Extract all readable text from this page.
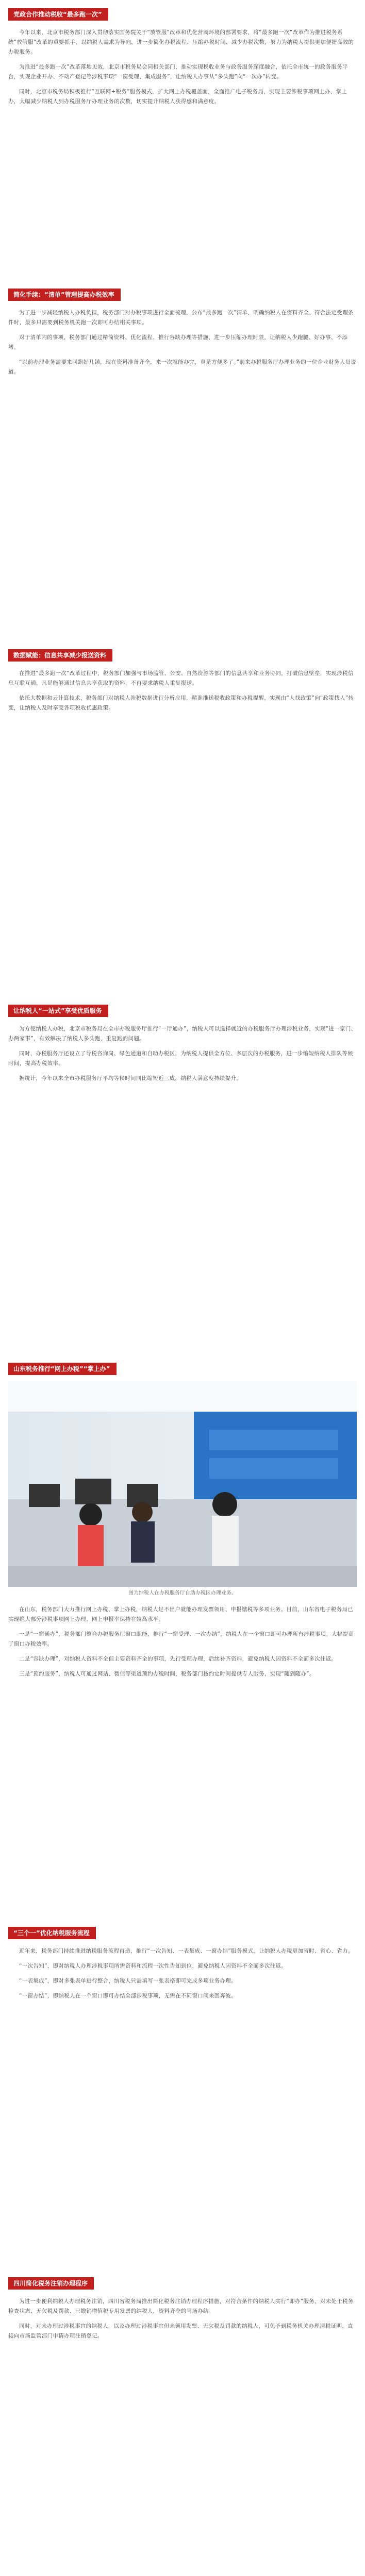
党政合作推动税收“最多跑一次”

今年以来，北京市税务部门深入贯彻落实国务院关于“放管服”改革和优化营商环境的部署要求，将“最多跑一次”改革作为推进税务系统“放管服”改革的重要抓手，以纳税人需求为导向，进一步简化办税流程、压缩办税时间、减少办税次数，努力为纳税人提供更加便捷高效的办税服务。

为推进“最多跑一次”改革落地见效，北京市税务局会同相关部门，推动实现税收业务与政务服务深度融合，依托全市统一的政务服务平台，实现企业开办、不动产登记等涉税事项“一窗受理、集成服务”，让纳税人办事从“多头跑”向“一次办”转变。

同时，北京市税务局积极推行“互联网+税务”服务模式，扩大网上办税覆盖面，全面推广电子税务局，实现主要涉税事项网上办、掌上办，大幅减少纳税人到办税服务厅办理业务的次数，切实提升纳税人获得感和满意度。

简化手续：“清单”管理提高办税效率

为了进一步减轻纳税人办税负担，税务部门对办税事项进行全面梳理，公布“最多跑一次”清单，明确纳税人在资料齐全、符合法定受理条件时，最多只需要到税务机关跑一次即可办结相关事项。

对于清单内的事项，税务部门通过精简资料、优化流程、推行容缺办理等措施，进一步压缩办理时限，让纳税人少跑腿、好办事、不添堵。

“以前办理业务需要来回跑好几趟，现在资料准备齐全，来一次就能办完，真是方便多了。”前来办税服务厅办理业务的一位企业财务人员说道。

数据赋能：信息共享减少报送资料

在推进“最多跑一次”改革过程中，税务部门加强与市场监管、公安、自然资源等部门的信息共享和业务协同，打破信息壁垒，实现涉税信息互联互通，凡是能够通过信息共享获取的资料，不再要求纳税人重复报送。

依托大数据和云计算技术，税务部门对纳税人涉税数据进行分析应用，精准推送税收政策和办税提醒，实现由“人找政策”向“政策找人”转变，让纳税人及时享受各项税收优惠政策。

让纳税人“一站式”享受优质服务

为方便纳税人办税，北京市税务局在全市办税服务厅推行“一厅通办”，纳税人可以选择就近的办税服务厅办理涉税业务，实现“进一家门、办两家事”，有效解决了纳税人多头跑、重复跑的问题。

同时，办税服务厅还设立了导税咨询岗、绿色通道和自助办税区，为纳税人提供全方位、多层次的办税服务，进一步缩短纳税人排队等候时间，提高办税效率。

据统计，今年以来全市办税服务厅平均等候时间同比缩短近三成，纳税人满意度持续提升。

山东税务推行“网上办税”“掌上办”
图为纳税人在办税服务厅自助办税区办理业务。

在山东，税务部门大力推行网上办税、掌上办税，纳税人足不出户就能办理发票领用、申报缴税等多项业务。目前，山东省电子税务局已实现绝大部分涉税事项网上办理，网上申报率保持在较高水平。

一是“一窗通办”，税务部门整合办税服务厅窗口职能，推行“一窗受理、一次办结”，纳税人在一个窗口即可办理所有涉税事项，大幅提高了窗口办税效率。

二是“容缺办理”，对纳税人资料不全但主要资料齐全的事项，先行受理办理，后续补齐资料，避免纳税人因资料不全而多次往返。

三是“预约服务”，纳税人可通过网站、微信等渠道预约办税时间，税务部门按约定时间提供专人服务，实现“随到随办”。

“三个一”优化纳税服务流程

近年来，税务部门持续推进纳税服务流程再造，推行“一次告知、一表集成、一窗办结”服务模式，让纳税人办税更加省时、省心、省力。

“一次告知”，即对纳税人办理涉税事项所需资料和流程一次性告知到位，避免纳税人因资料不全而多次往返。

“一表集成”，即对多张表单进行整合，纳税人只需填写一张表格即可完成多项业务办理。

“一窗办结”，即纳税人在一个窗口即可办结全部涉税事项，无需在不同窗口间来回奔波。

四川简化税务注销办理程序

为进一步便利纳税人办理税务注销，四川省税务局推出简化税务注销办理程序措施，对符合条件的纳税人实行“即办”服务，对未处于税务检查状态、无欠税及罚款、已缴销增值税专用发票的纳税人，资料齐全的当场办结。

同时，对未办理过涉税事宜的纳税人，以及办理过涉税事宜但未领用发票、无欠税及罚款的纳税人，可免予到税务机关办理清税证明，直接向市场监管部门申请办理注销登记。
